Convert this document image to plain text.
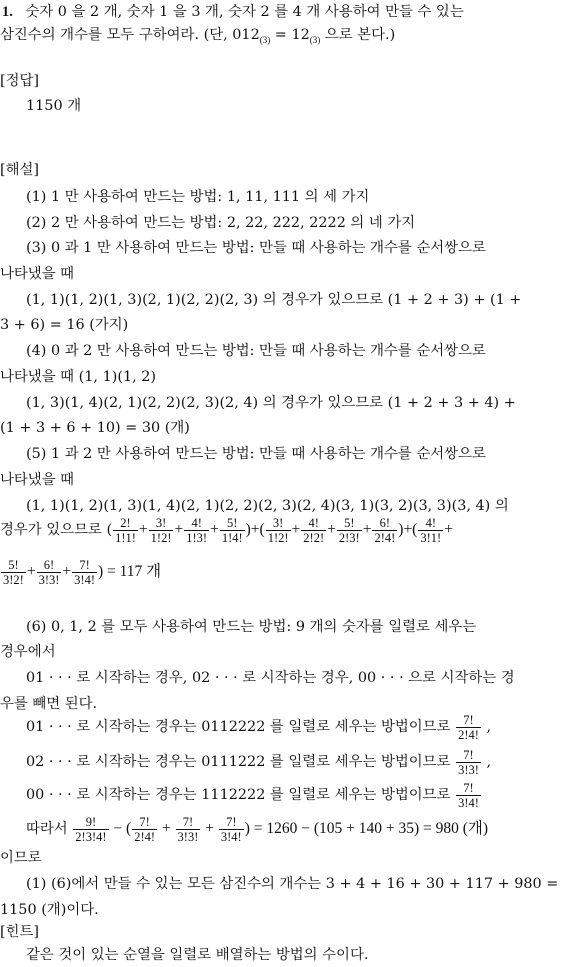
1. 숫자 0 을 2 개, 숫자 1 을 3 개, 숫자 2 를 4 개 사용하여 만들 수 있는
삼진수의 개수를 모두 구하여라. (단, $012_{(3)} = 12_{(3)}$ 으로 본다.)
[정답]
1150 개
[해설]
(1) 1 만 사용하여 만드는 방법: 1, 11, 111 의 세 가지
(2) 2 만 사용하여 만드는 방법: 2, 22, 222, 2222 의 네 가지
(3) 0 과 1 만 사용하여 만드는 방법: 만들 때 사용하는 개수를 순서쌍으로
나타냈을 때
(1, 1)(1, 2)(1, 3)(2, 1)(2, 2)(2, 3) 의 경우가 있으므로 (1 + 2 + 3) + (1 +
3 + 6) = 16 (가지)
(4) 0 과 2 만 사용하여 만드는 방법: 만들 때 사용하는 개수를 순서쌍으로
나타냈을 때 (1, 1)(1, 2)
(1, 3)(1, 4)(2, 1)(2, 2)(2, 3)(2, 4) 의 경우가 있으므로 (1 + 2 + 3 + 4) +
(1 + 3 + 6 + 10) = 30 (개)
(5) 1 과 2 만 사용하여 만드는 방법: 만들 때 사용하는 개수를 순서쌍으로
나타냈을 때
(1, 1)(1, 2)(1, 3)(1, 4)(2, 1)(2, 2)(2, 3)(2, 4)(3, 1)(3, 2)(3, 3)(3, 4) 의
경우가 있으므로 ( $\frac{2!}{1!1!} + \frac{3!}{1!2!} + \frac{4!}{1!3!} + \frac{5!}{1!4!}$ )+( $\frac{3!}{1!2!} + \frac{4!}{2!2!} + \frac{5!}{2!3!} + \frac{6!}{2!4!}$ )+( $\frac{4!}{3!1!}$ +
$\frac{5!}{3!2!} + \frac{6!}{3!3!} + \frac{7!}{3!4!}$ ) = 117 개
(6) 0, 1, 2 를 모두 사용하여 만드는 방법: 9 개의 숫자를 일렬로 세우는
경우에서
01 · · · 로 시작하는 경우, 02 · · · 로 시작하는 경우, 00 · · · 으로 시작하는 경
우를 빼면 된다.
01 · · · 로 시작하는 경우는 0112222 를 일렬로 세우는 방법이므로 $\frac{7!}{2!4!}$ ,
02 · · · 로 시작하는 경우는 0111222 를 일렬로 세우는 방법이므로 $\frac{7!}{3!3!}$ ,
00 · · · 로 시작하는 경우는 1112222 를 일렬로 세우는 방법이므로 $\frac{7!}{3!4!}$
따라서 $\frac{9!}{2!3!4!}$ − ( $\frac{7!}{2!4!} + \frac{7!}{3!3!} + \frac{7!}{3!4!}$ ) = 1260 − (105 + 140 + 35) = 980 (개)
이므로
(1) (6)에서 만들 수 있는 모든 삼진수의 개수는 3 + 4 + 16 + 30 + 117 + 980 =
1150 (개)이다.
[힌트]
같은 것이 있는 순열을 일렬로 배열하는 방법의 수이다.
